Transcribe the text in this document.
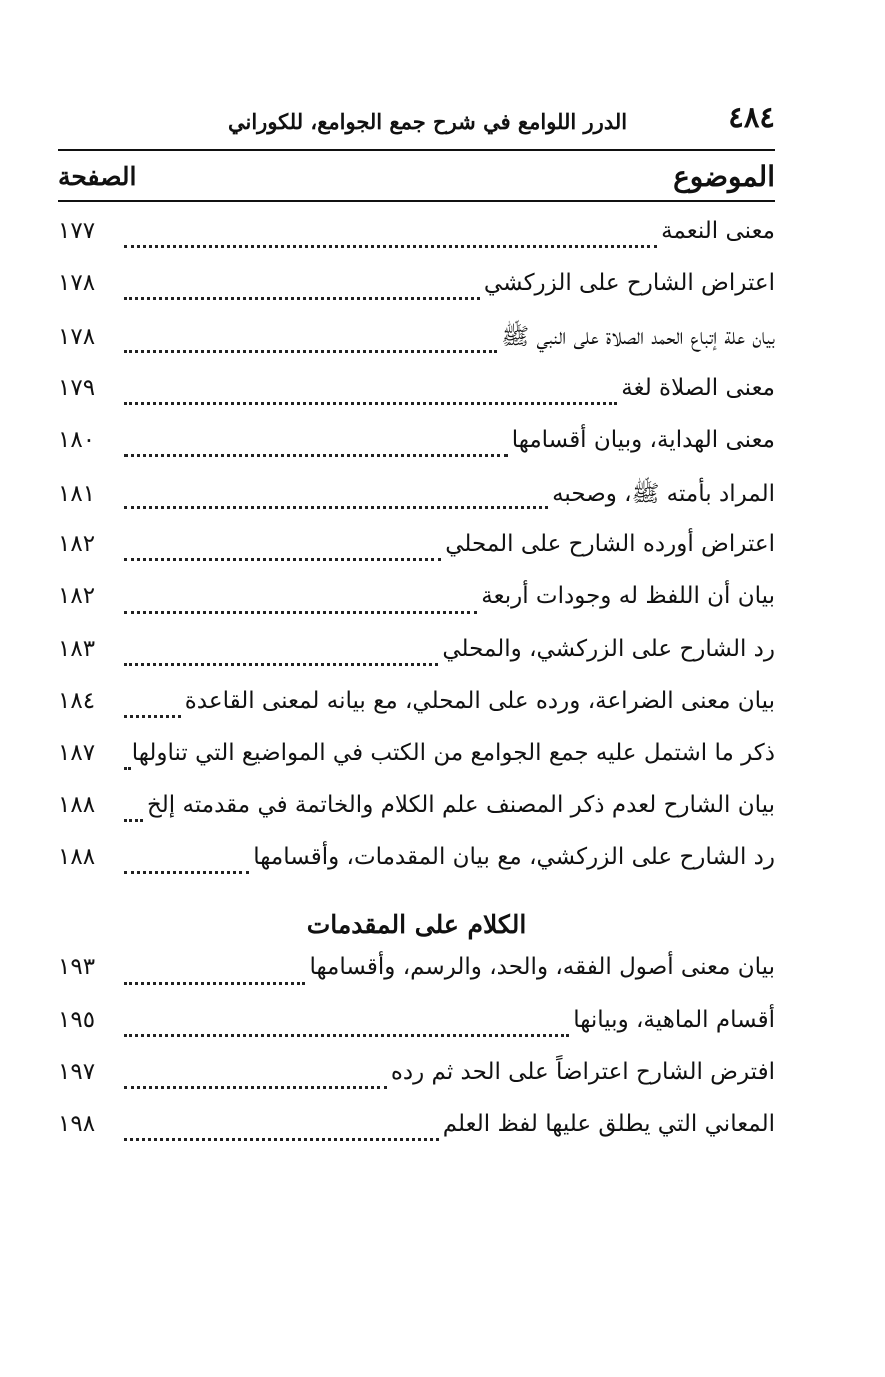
٤٨٤
الدرر اللوامع في شرح جمع الجوامع، للكوراني
الموضوع
الصفحة
معنى النعمة
١٧٧
اعتراض الشارح على الزركشي
١٧٨
بيان علة إتباع الحمد الصلاة على النبي ﷺ
١٧٨
معنى الصلاة لغة
١٧٩
معنى الهداية، وبيان أقسامها
١٨٠
المراد بأمته ﷺ، وصحبه
١٨١
اعتراض أورده الشارح على المحلي
١٨٢
بيان أن اللفظ له وجودات أربعة
١٨٢
رد الشارح على الزركشي، والمحلي
١٨٣
بيان معنى الضراعة، ورده على المحلي، مع بيانه لمعنى القاعدة
١٨٤
ذكر ما اشتمل عليه جمع الجوامع من الكتب في المواضيع التي تناولها
١٨٧
بيان الشارح لعدم ذكر المصنف علم الكلام والخاتمة في مقدمته إلخ
١٨٨
رد الشارح على الزركشي، مع بيان المقدمات، وأقسامها
١٨٨
الكلام على المقدمات
بيان معنى أصول الفقه، والحد، والرسم، وأقسامها
١٩٣
أقسام الماهية، وبيانها
١٩٥
افترض الشارح اعتراضاً على الحد ثم رده
١٩٧
المعاني التي يطلق عليها لفظ العلم
١٩٨
